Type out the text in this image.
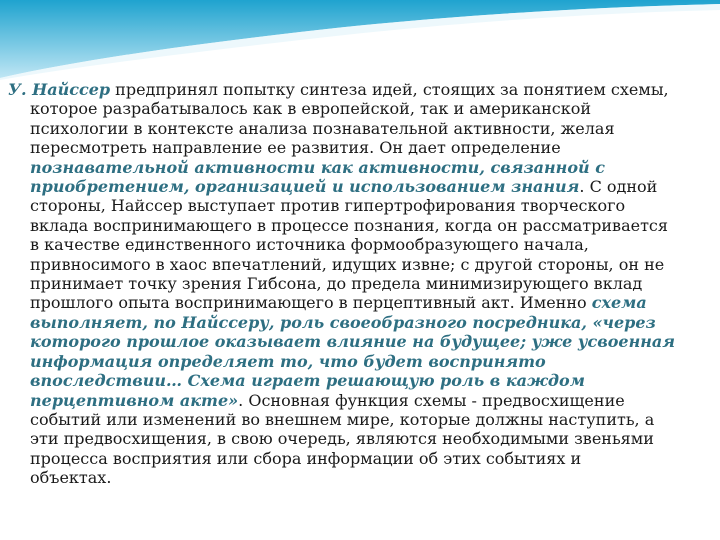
У. Найссер предпринял попытку синтеза идей, стоящих за понятием схемы,
которое разрабатывалось как в европейской, так и американской
психологии в контексте анализа познавательной активности, желая
пересмотреть направление ее развития. Он дает определение
познавательной активности как активности, связанной с
приобретением, организацией и использованием знания. С одной
стороны, Найссер выступает против гипертрофирования творческого
вклада воспринимающего в процессе познания, когда он рассматривается
в качестве единственного источника формообразующего начала,
привносимого в хаос впечатлений, идущих извне; с другой стороны, он не
принимает точку зрения Гибсона, до предела минимизирующего вклад
прошлого опыта воспринимающего в перцептивный акт. Именно схема
выполняет, по Найссеру, роль своеобразного посредника, «через
которого прошлое оказывает влияние на будущее; уже усвоенная
информация определяет то, что будет воспринято
впоследствии… Схема играет решающую роль в каждом
перцептивном акте». Основная функция схемы - предвосхищение
событий или изменений во внешнем мире, которые должны наступить, а
эти предвосхищения, в свою очередь, являются необходимыми звеньями
процесса восприятия или сбора информации об этих событиях и
объектах.
